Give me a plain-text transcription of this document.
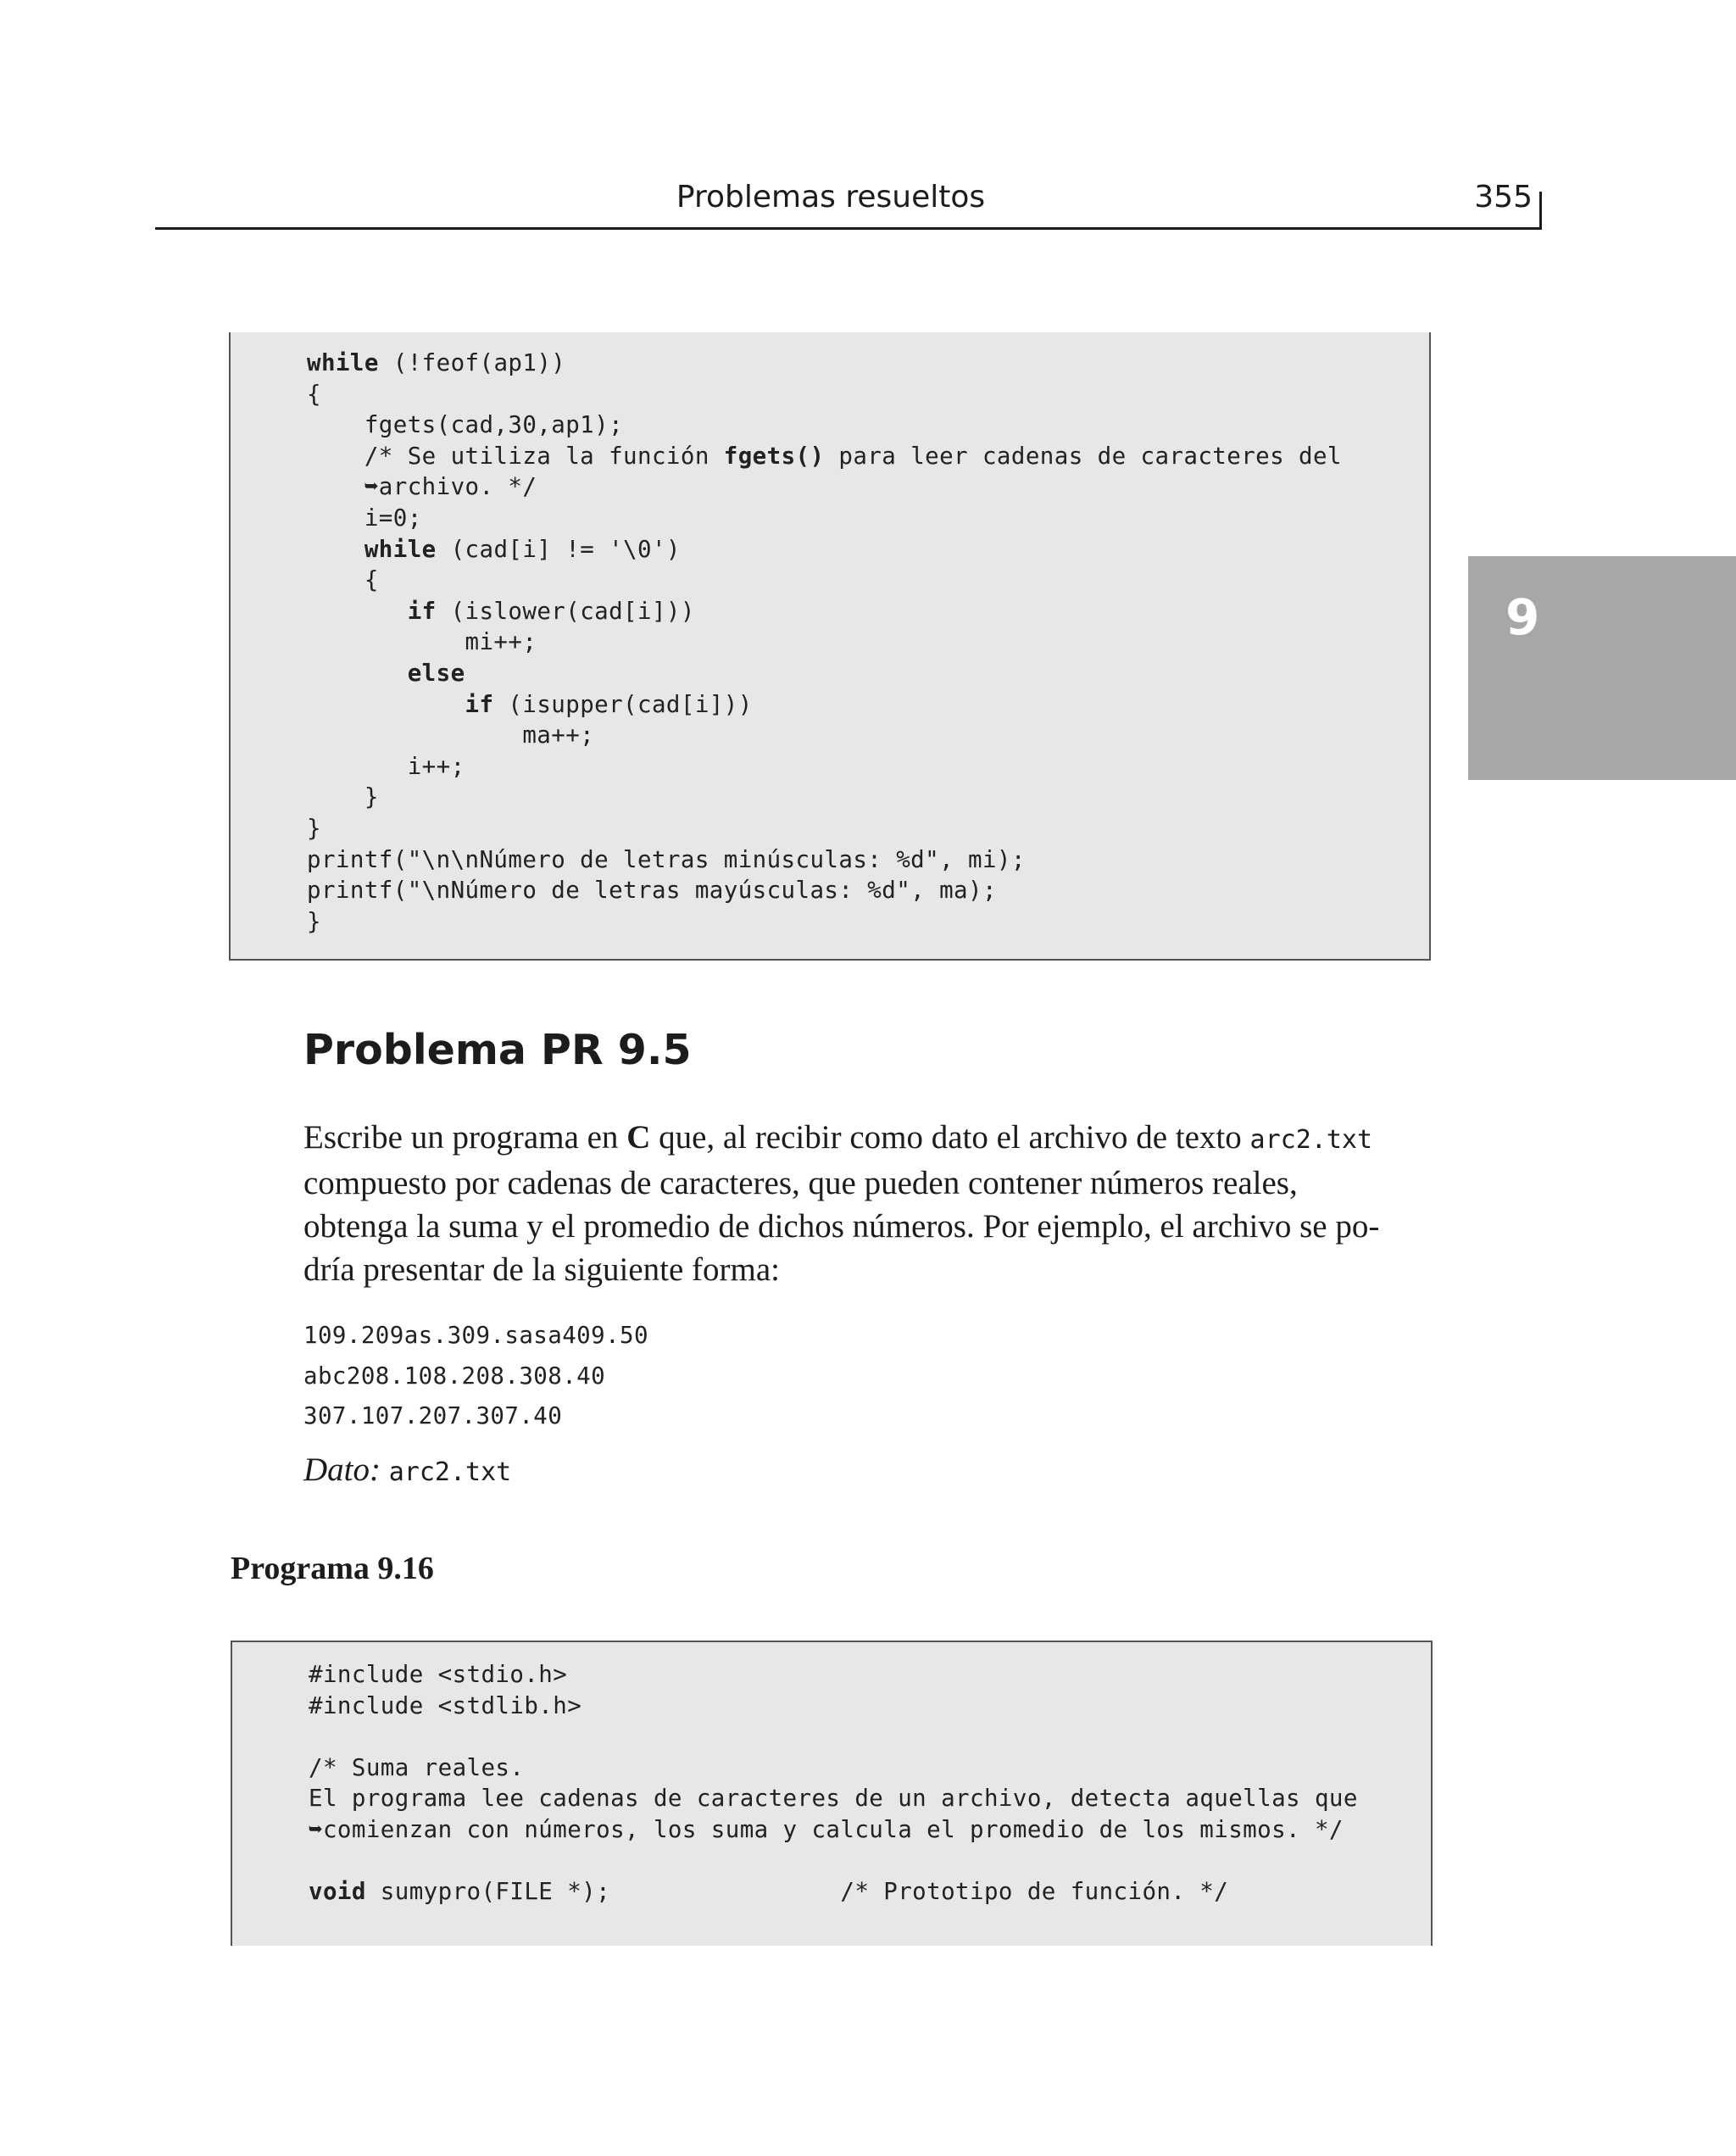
Problemas resueltos	355
9
while (!feof(ap1))
{
fgets(cad,30,ap1);
/* Se utiliza la función fgets() para leer cadenas de caracteres del
➥archivo. */
i=0;
while (cad[i] != '\0')
{
if (islower(cad[i]))
mi++;
else
if (isupper(cad[i]))
ma++;
i++;
}
}
printf("\n\nNúmero de letras minúsculas: %d", mi);
printf("\nNúmero de letras mayúsculas: %d", ma);
}
Problema PR 9.5
Escribe un programa en C que, al recibir como dato el archivo de texto arc2.txt
compuesto por cadenas de caracteres, que pueden contener números reales,
obtenga la suma y el promedio de dichos números. Por ejemplo, el archivo se po-
dría presentar de la siguiente forma:
109.209as.309.sasa409.50
abc208.108.208.308.40
307.107.207.307.40
Dato: arc2.txt
Programa 9.16
#include <stdio.h>
#include <stdlib.h>
/* Suma reales.
El programa lee cadenas de caracteres de un archivo, detecta aquellas que
➥comienzan con números, los suma y calcula el promedio de los mismos. */
void sumypro(FILE *);                /* Prototipo de función. */
